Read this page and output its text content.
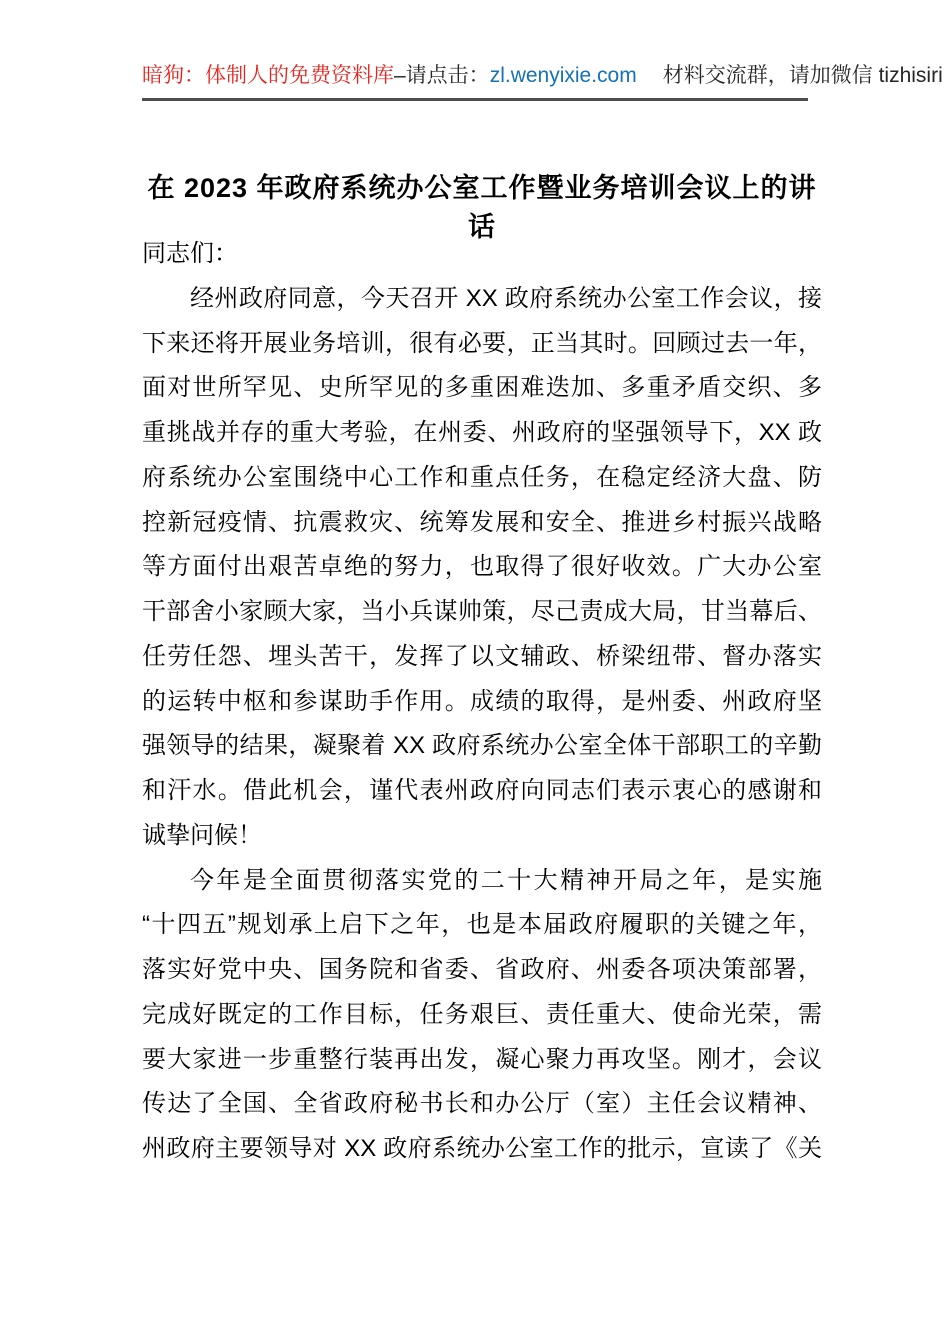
暗狗：体制人的免费资料库–请点击：zl.wenyixie.com 材料交流群，请加微信 tizhisiri
在 2023 年政府系统办公室工作暨业务培训会议上的讲话
同志们：
经州政府同意，今天召开 XX 政府系统办公室工作会议，接
下来还将开展业务培训，很有必要，正当其时。回顾过去一年，
面对世所罕见、史所罕见的多重困难迭加、多重矛盾交织、多
重挑战并存的重大考验，在州委、州政府的坚强领导下，XX 政
府系统办公室围绕中心工作和重点任务，在稳定经济大盘、防
控新冠疫情、抗震救灾、统筹发展和安全、推进乡村振兴战略
等方面付出艰苦卓绝的努力，也取得了很好收效。广大办公室
干部舍小家顾大家，当小兵谋帅策，尽己责成大局，甘当幕后、
任劳任怨、埋头苦干，发挥了以文辅政、桥梁纽带、督办落实
的运转中枢和参谋助手作用。成绩的取得，是州委、州政府坚
强领导的结果，凝聚着 XX 政府系统办公室全体干部职工的辛勤
和汗水。借此机会，谨代表州政府向同志们表示衷心的感谢和
诚挚问候！
今年是全面贯彻落实党的二十大精神开局之年，是实施
“十四五”规划承上启下之年，也是本届政府履职的关键之年，
落实好党中央、国务院和省委、省政府、州委各项决策部署，
完成好既定的工作目标，任务艰巨、责任重大、使命光荣，需
要大家进一步重整行装再出发，凝心聚力再攻坚。刚才，会议
传达了全国、全省政府秘书长和办公厅（室）主任会议精神、
州政府主要领导对 XX 政府系统办公室工作的批示，宣读了《关
